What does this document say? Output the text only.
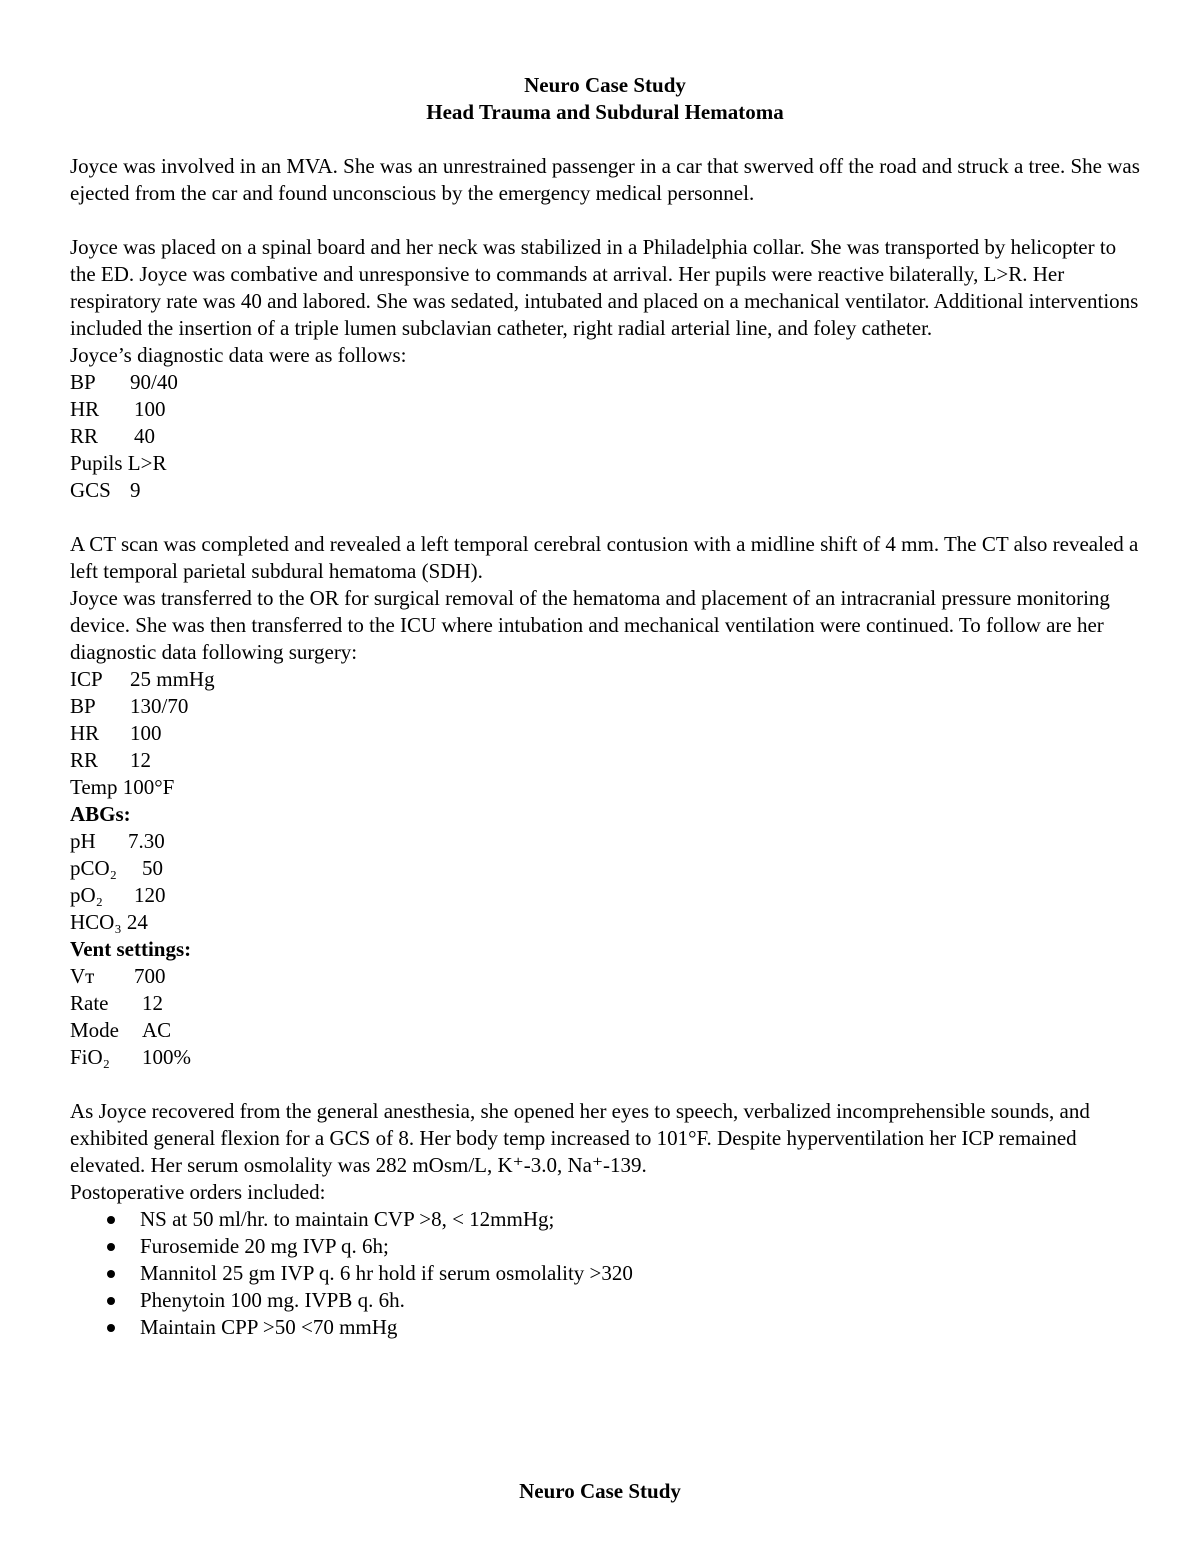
Neuro Case Study
Head Trauma and Subdural Hematoma

Joyce was involved in an MVA. She was an unrestrained passenger in a car that swerved off the road and struck a tree. She was ejected from the car and found unconscious by the emergency medical personnel.

Joyce was placed on a spinal board and her neck was stabilized in a Philadelphia collar. She was transported by helicopter to the ED. Joyce was combative and unresponsive to commands at arrival. Her pupils were reactive bilaterally, L>R. Her respiratory rate was 40 and labored. She was sedated, intubated and placed on a mechanical ventilator. Additional interventions included the insertion of a triple lumen subclavian catheter, right radial arterial line, and foley catheter.

Joyce’s diagnostic data were as follows:
BP 90/40
HR 100
RR 40
Pupils L>R
GCS 9

A CT scan was completed and revealed a left temporal cerebral contusion with a midline shift of 4 mm. The CT also revealed a left temporal parietal subdural hematoma (SDH).

Joyce was transferred to the OR for surgical removal of the hematoma and placement of an intracranial pressure monitoring device. She was then transferred to the ICU where intubation and mechanical ventilation were continued. To follow are her diagnostic data following surgery:

ICP 25 mmHg
BP 130/70
HR 100
RR 12
Temp 100°F
ABGs:
pH 7.30
pCO₂ 50
pO₂ 120
HCO₃ 24
Vent settings:
Vᴛ 700
Rate 12
Mode AC
FiO₂ 100%

As Joyce recovered from the general anesthesia, she opened her eyes to speech, verbalized incomprehensible sounds, and exhibited general flexion for a GCS of 8. Her body temp increased to 101°F. Despite hyperventilation her ICP remained elevated. Her serum osmolality was 282 mOsm/L, K⁺-3.0, Na⁺-139.

Postoperative orders included:
NS at 50 ml/hr. to maintain CVP >8, < 12mmHg;
Furosemide 20 mg IVP q. 6h;
Mannitol 25 gm IVP q. 6 hr hold if serum osmolality >320
Phenytoin 100 mg. IVPB q. 6h.
Maintain CPP >50 <70 mmHg
Neuro Case Study
